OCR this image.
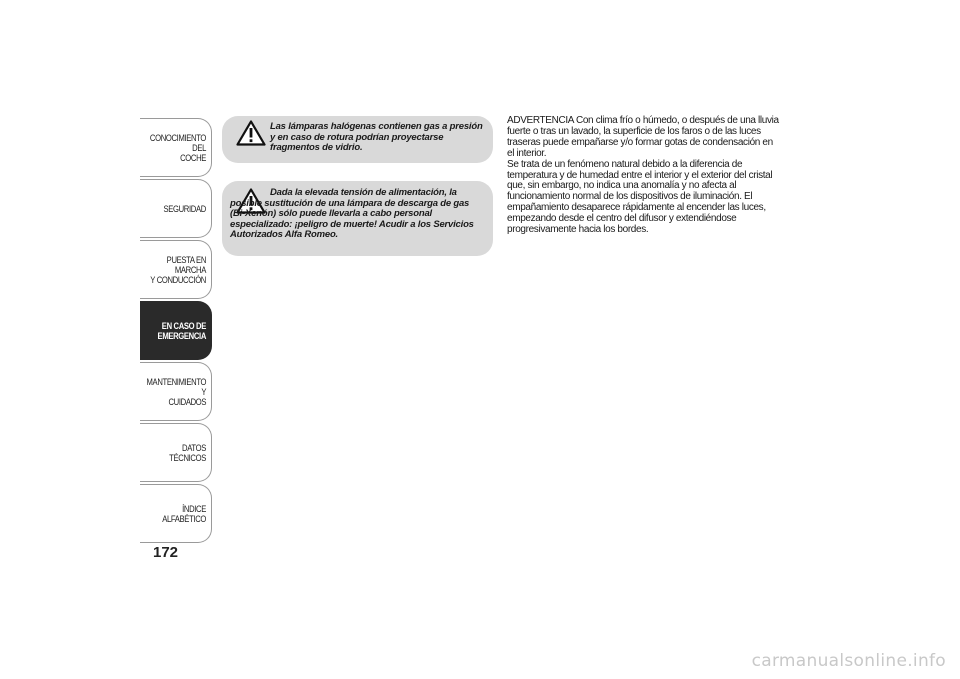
CONOCIMIENTO DEL
COCHE
SEGURIDAD
PUESTA EN MARCHA
Y CONDUCCIÓN
EN CASO DE
EMERGENCIA
MANTENIMIENTO Y
CUIDADOS
DATOS TÉCNICOS
ÍNDICE ALFABÉTICO
172
Las lámparas halógenas contienen gas a presión y en caso de rotura podrían proyectarse fragmentos de vidrio.
Dada la elevada tensión de alimentación, la posible sustitución de una lámpara de descarga de gas (Bi-Xenón) sólo puede llevarla a cabo personal especializado: ¡peligro de muerte! Acudir a los Servicios Autorizados Alfa Romeo.

ADVERTENCIA Con clima frío o húmedo, o después de una lluvia fuerte o tras un lavado, la superficie de los faros o de las luces traseras puede empañarse y/o formar gotas de condensación en el interior.

Se trata de un fenómeno natural debido a la diferencia de temperatura y de humedad entre el interior y el exterior del cristal que, sin embargo, no indica una anomalía y no afecta al funcionamiento normal de los dispositivos de iluminación. El empañamiento desaparece rápidamente al encender las luces, empezando desde el centro del difusor y extendiéndose progresivamente hacia los bordes.

carmanualsonline.info
